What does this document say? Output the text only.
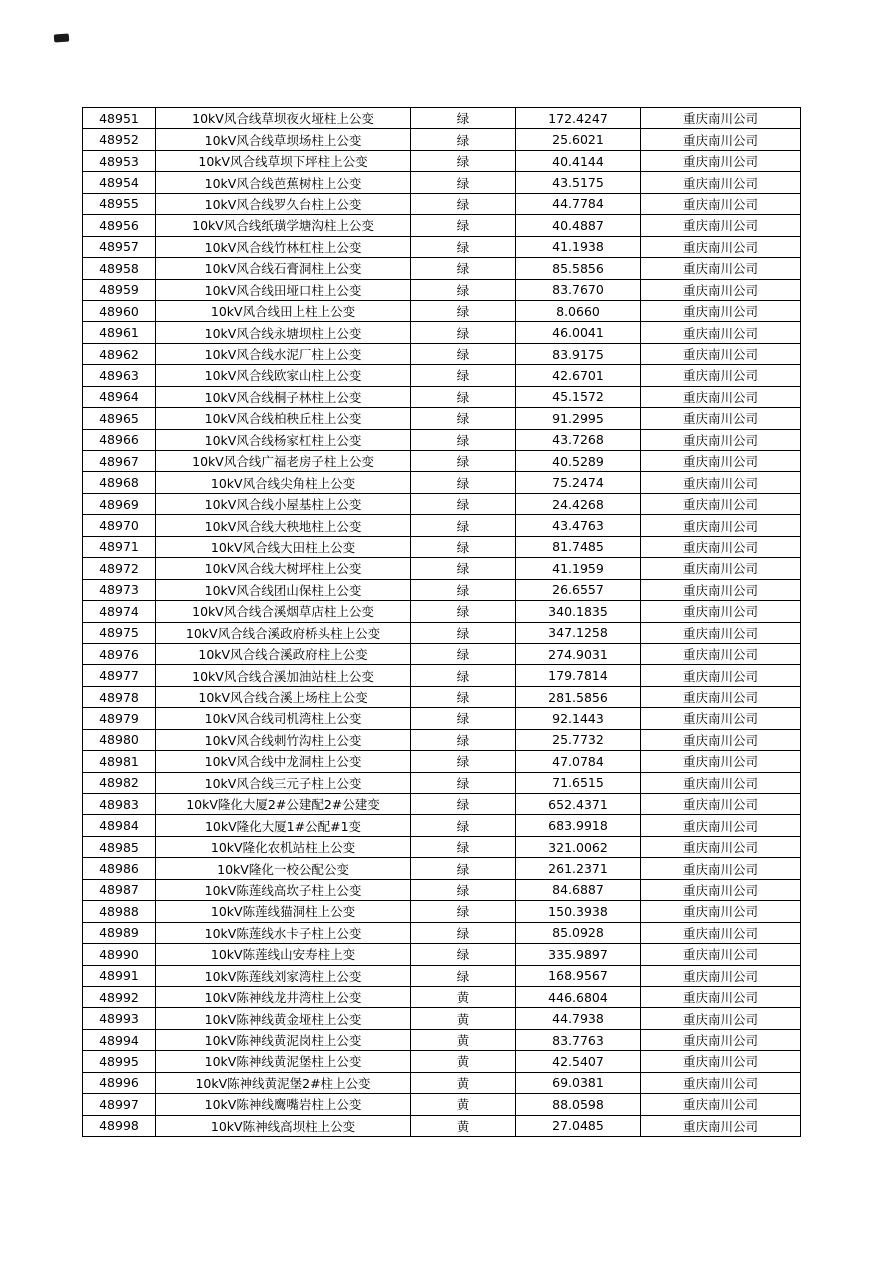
48951	10kV风合线草坝夜火垭柱上公变	绿	172.4247	重庆南川公司
48952	10kV风合线草坝场柱上公变	绿	25.6021	重庆南川公司
48953	10kV风合线草坝下坪柱上公变	绿	40.4144	重庆南川公司
48954	10kV风合线芭蕉树柱上公变	绿	43.5175	重庆南川公司
48955	10kV风合线罗久台柱上公变	绿	44.7784	重庆南川公司
48956	10kV风合线纸璜学塘沟柱上公变	绿	40.4887	重庆南川公司
48957	10kV风合线竹林杠柱上公变	绿	41.1938	重庆南川公司
48958	10kV风合线石膏洞柱上公变	绿	85.5856	重庆南川公司
48959	10kV风合线田垭口柱上公变	绿	83.7670	重庆南川公司
48960	10kV风合线田上柱上公变	绿	8.0660	重庆南川公司
48961	10kV风合线永塘坝柱上公变	绿	46.0041	重庆南川公司
48962	10kV风合线水泥厂柱上公变	绿	83.9175	重庆南川公司
48963	10kV风合线欧家山柱上公变	绿	42.6701	重庆南川公司
48964	10kV风合线桐子林柱上公变	绿	45.1572	重庆南川公司
48965	10kV风合线柏秧丘柱上公变	绿	91.2995	重庆南川公司
48966	10kV风合线杨家杠柱上公变	绿	43.7268	重庆南川公司
48967	10kV风合线广福老房子柱上公变	绿	40.5289	重庆南川公司
48968	10kV风合线尖角柱上公变	绿	75.2474	重庆南川公司
48969	10kV风合线小屋基柱上公变	绿	24.4268	重庆南川公司
48970	10kV风合线大秧地柱上公变	绿	43.4763	重庆南川公司
48971	10kV风合线大田柱上公变	绿	81.7485	重庆南川公司
48972	10kV风合线大树坪柱上公变	绿	41.1959	重庆南川公司
48973	10kV风合线团山保柱上公变	绿	26.6557	重庆南川公司
48974	10kV风合线合溪烟草店柱上公变	绿	340.1835	重庆南川公司
48975	10kV风合线合溪政府桥头柱上公变	绿	347.1258	重庆南川公司
48976	10kV风合线合溪政府柱上公变	绿	274.9031	重庆南川公司
48977	10kV风合线合溪加油站柱上公变	绿	179.7814	重庆南川公司
48978	10kV风合线合溪上场柱上公变	绿	281.5856	重庆南川公司
48979	10kV风合线司机湾柱上公变	绿	92.1443	重庆南川公司
48980	10kV风合线刺竹沟柱上公变	绿	25.7732	重庆南川公司
48981	10kV风合线中龙洞柱上公变	绿	47.0784	重庆南川公司
48982	10kV风合线三元子柱上公变	绿	71.6515	重庆南川公司
48983	10kV隆化大厦2#公建配2#公建变	绿	652.4371	重庆南川公司
48984	10kV隆化大厦1#公配#1变	绿	683.9918	重庆南川公司
48985	10kV隆化农机站柱上公变	绿	321.0062	重庆南川公司
48986	10kV隆化一校公配公变	绿	261.2371	重庆南川公司
48987	10kV陈莲线高坎子柱上公变	绿	84.6887	重庆南川公司
48988	10kV陈莲线猫洞柱上公变	绿	150.3938	重庆南川公司
48989	10kV陈莲线水卡子柱上公变	绿	85.0928	重庆南川公司
48990	10kV陈莲线山安寿柱上变	绿	335.9897	重庆南川公司
48991	10kV陈莲线刘家湾柱上公变	绿	168.9567	重庆南川公司
48992	10kV陈神线龙井湾柱上公变	黄	446.6804	重庆南川公司
48993	10kV陈神线黄金垭柱上公变	黄	44.7938	重庆南川公司
48994	10kV陈神线黄泥岗柱上公变	黄	83.7763	重庆南川公司
48995	10kV陈神线黄泥堡柱上公变	黄	42.5407	重庆南川公司
48996	10kV陈神线黄泥堡2#柱上公变	黄	69.0381	重庆南川公司
48997	10kV陈神线鹰嘴岩柱上公变	黄	88.0598	重庆南川公司
48998	10kV陈神线高坝柱上公变	黄	27.0485	重庆南川公司
